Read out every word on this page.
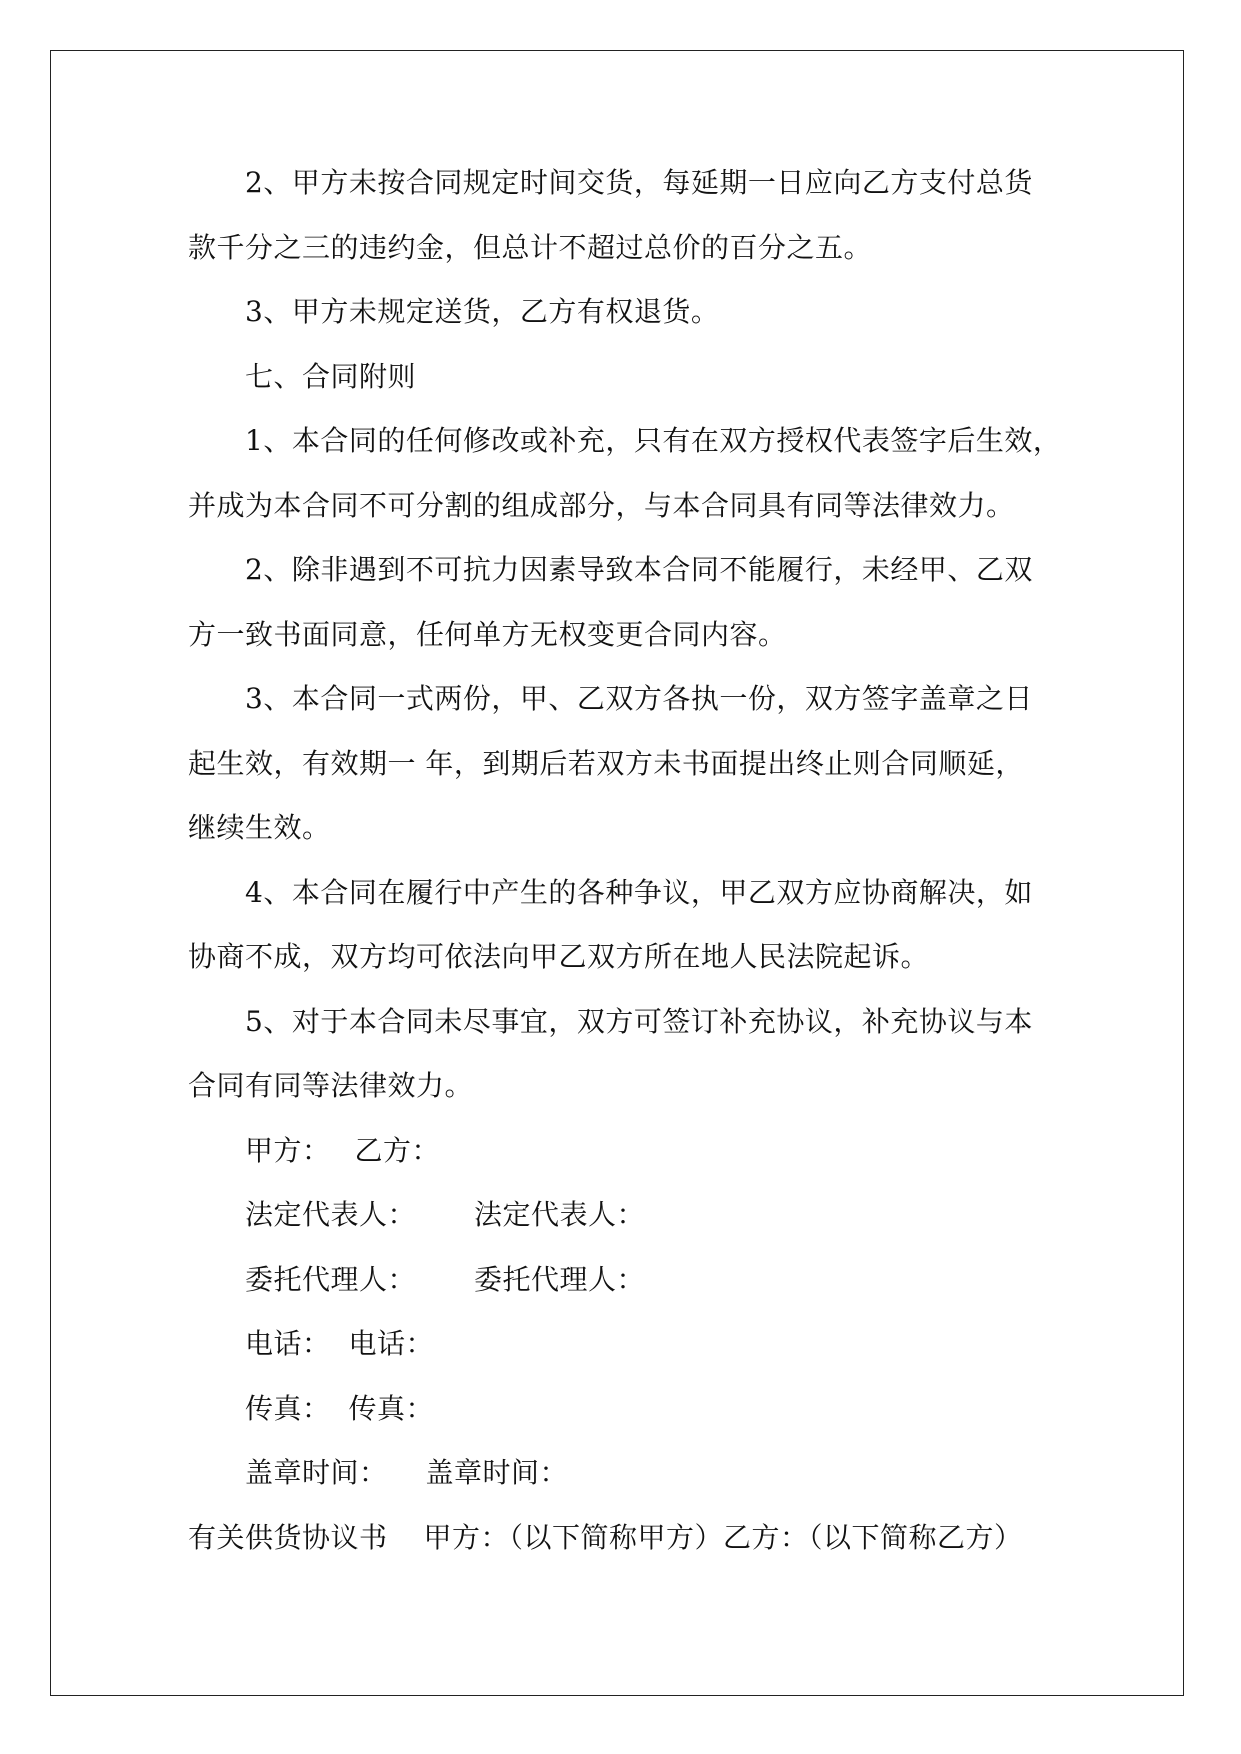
2、甲方未按合同规定时间交货，每延期一日应向乙方支付总货
款千分之三的违约金，但总计不超过总价的百分之五。
3、甲方未规定送货，乙方有权退货。
七、合同附则
1、本合同的任何修改或补充，只有在双方授权代表签字后生效，
并成为本合同不可分割的组成部分，与本合同具有同等法律效力。
2、除非遇到不可抗力因素导致本合同不能履行，未经甲、乙双
方一致书面同意，任何单方无权变更合同内容。
3、本合同一式两份，甲、乙双方各执一份，双方签字盖章之日
起生效，有效期一 年，到期后若双方未书面提出终止则合同顺延，
继续生效。
4、本合同在履行中产生的各种争议，甲乙双方应协商解决，如
协商不成，双方均可依法向甲乙双方所在地人民法院起诉。
5、对于本合同未尽事宜，双方可签订补充协议，补充协议与本
合同有同等法律效力。
甲方： 乙方：
法定代表人： 法定代表人：
委托代理人： 委托代理人：
电话： 电话：
传真： 传真：
盖章时间： 盖章时间：
有关供货协议书 甲方：（以下简称甲方）乙方：（以下简称乙方）
